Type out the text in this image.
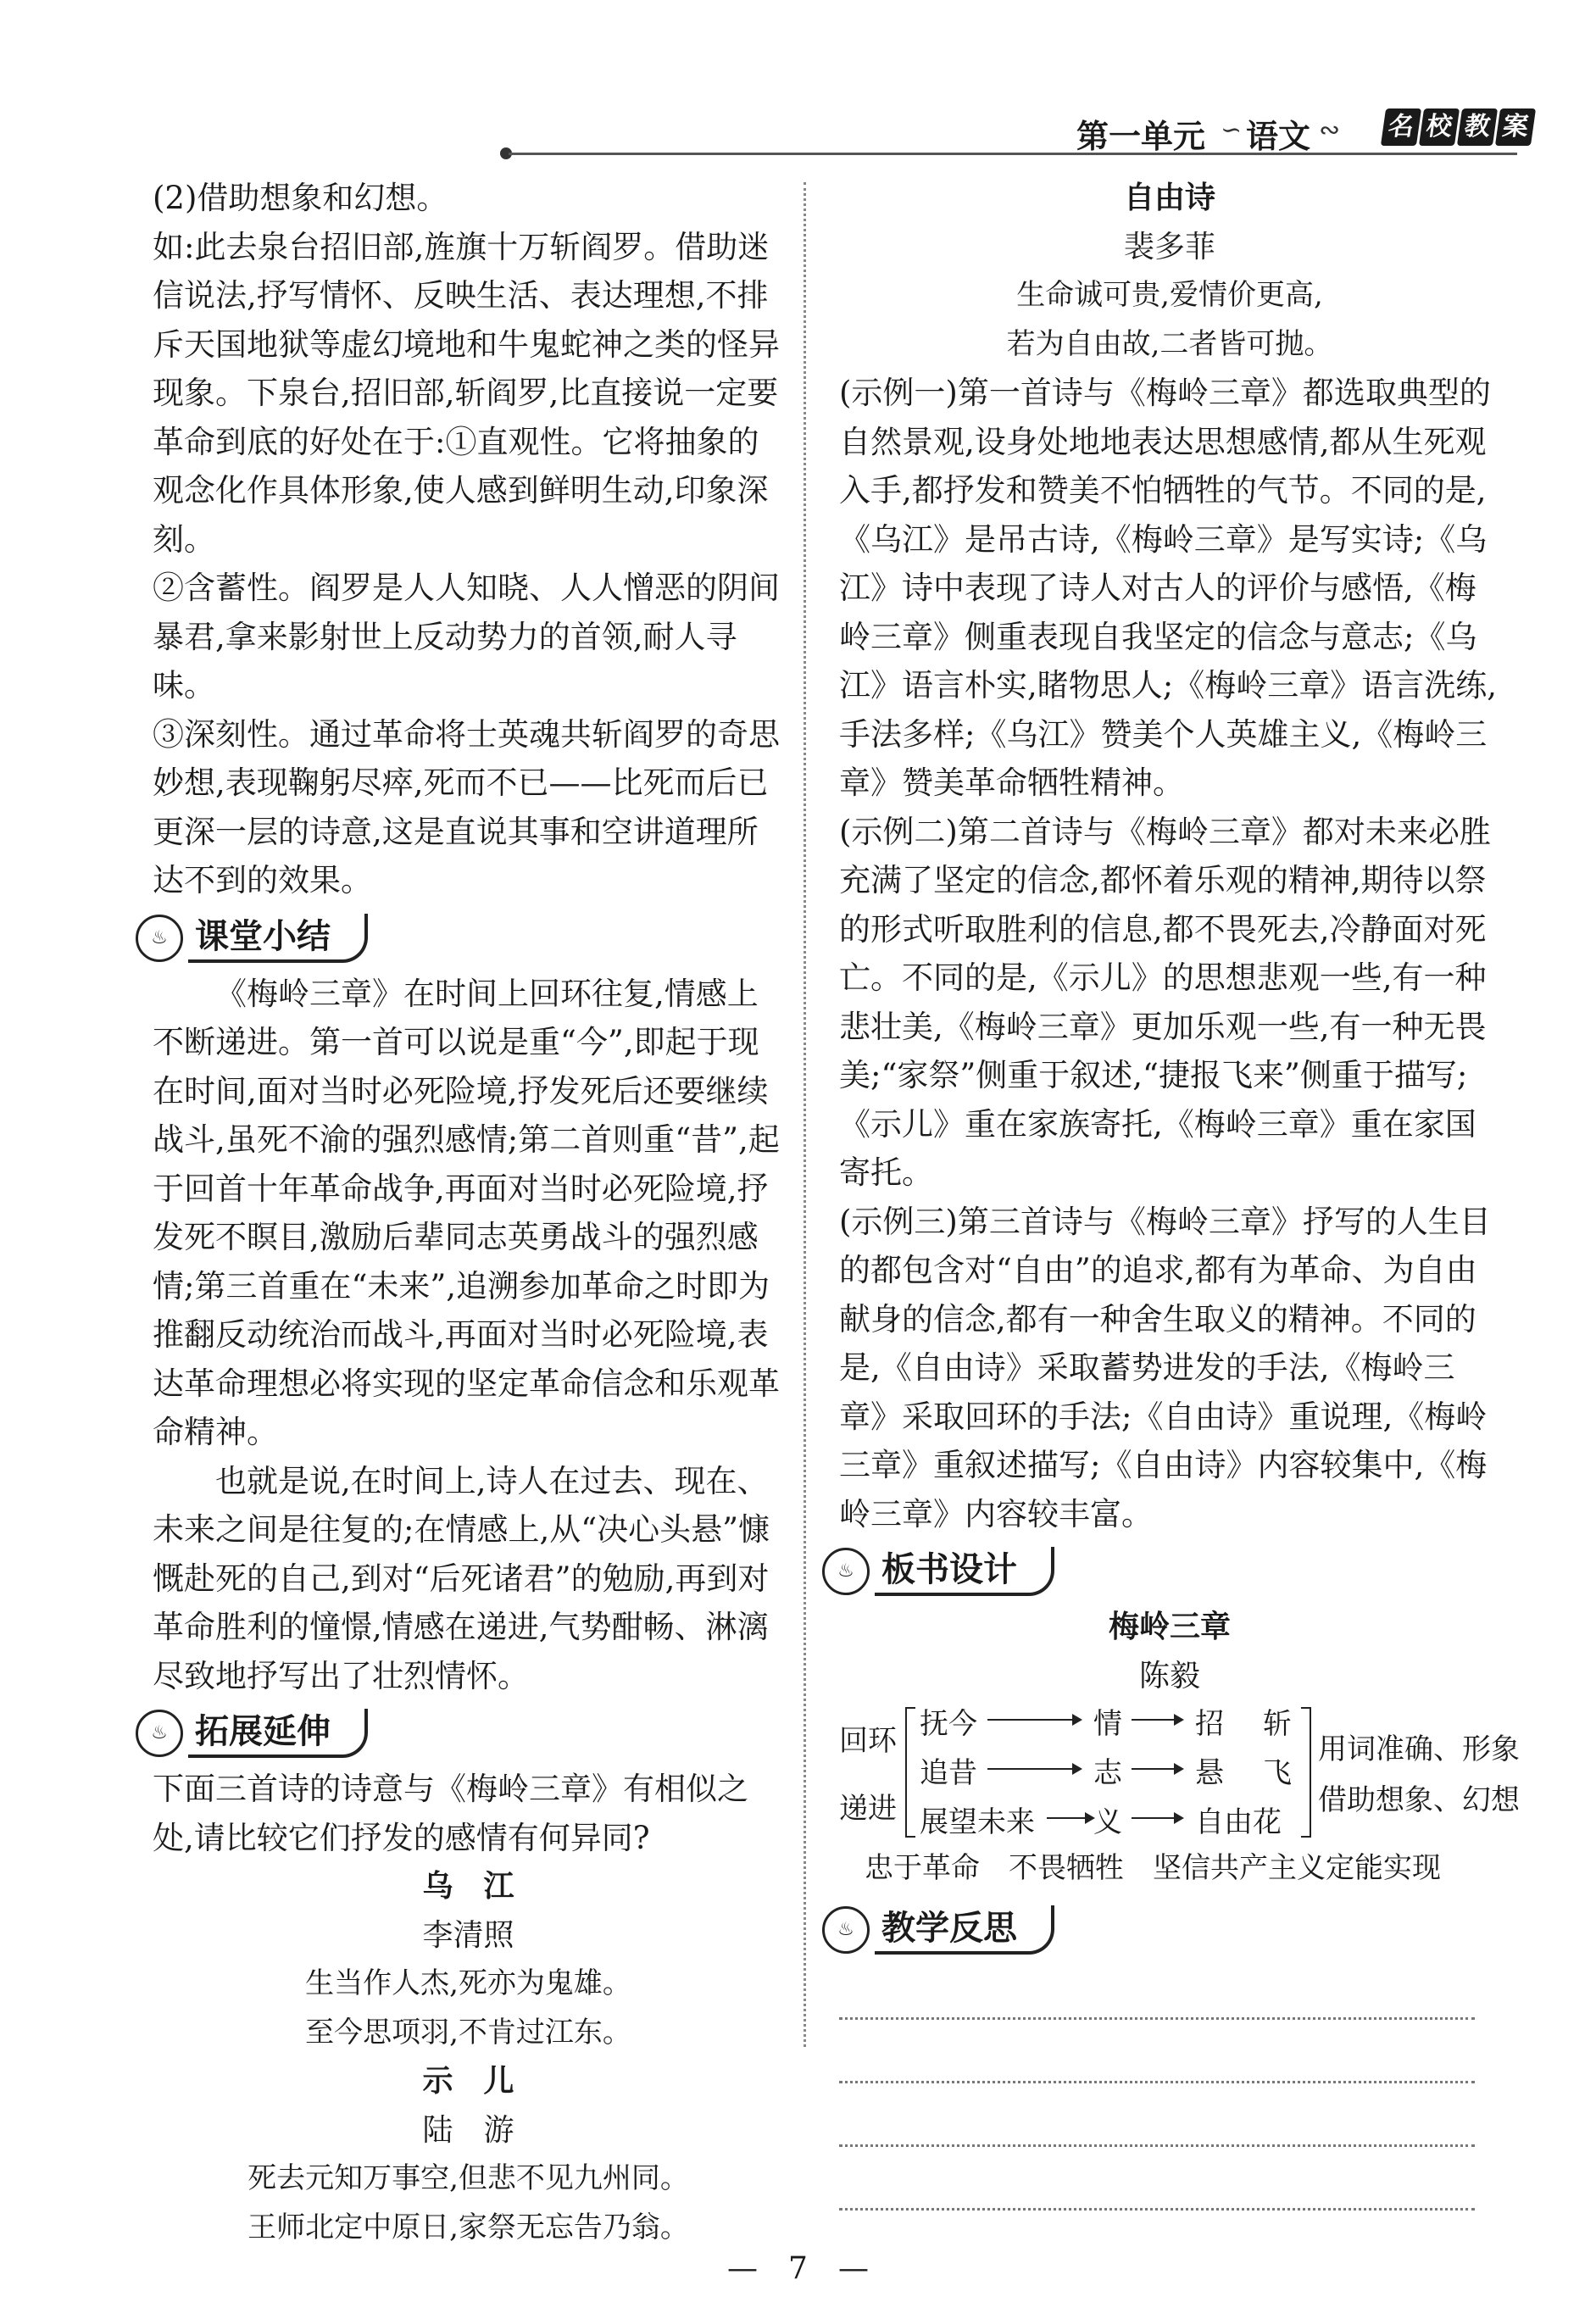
第一单元 ∽ 语文 ∾ 名 校 教 案

(2)借助想象和幻想。

如:此去泉台招旧部,旌旗十万斩阎罗。借助迷信说法,抒写情怀、反映生活、表达理想,不排斥天国地狱等虚幻境地和牛鬼蛇神之类的怪异现象。下泉台,招旧部,斩阎罗,比直接说一定要革命到底的好处在于:①直观性。它将抽象的观念化作具体形象,使人感到鲜明生动,印象深刻。

②含蓄性。阎罗是人人知晓、人人憎恶的阴间暴君,拿来影射世上反动势力的首领,耐人寻味。

③深刻性。通过革命将士英魂共斩阎罗的奇思妙想,表现鞠躬尽瘁,死而不已——比死而后已更深一层的诗意,这是直说其事和空讲道理所达不到的效果。

♨ 课堂小结

《梅岭三章》在时间上回环往复,情感上不断递进。第一首可以说是重“今”,即起于现在时间,面对当时必死险境,抒发死后还要继续战斗,虽死不渝的强烈感情;第二首则重“昔”,起于回首十年革命战争,再面对当时必死险境,抒发死不瞑目,激励后辈同志英勇战斗的强烈感情;第三首重在“未来”,追溯参加革命之时即为推翻反动统治而战斗,再面对当时必死险境,表达革命理想必将实现的坚定革命信念和乐观革命精神。

也就是说,在时间上,诗人在过去、现在、未来之间是往复的;在情感上,从“决心头悬”慷慨赴死的自己,到对“后死诸君”的勉励,再到对革命胜利的憧憬,情感在递进,气势酣畅、淋漓尽致地抒写出了壮烈情怀。

♨ 拓展延伸

下面三首诗的诗意与《梅岭三章》有相似之处,请比较它们抒发的感情有何异同?

乌　江
李清照
生当作人杰,死亦为鬼雄。
至今思项羽,不肯过江东。
示　儿
陆　游
死去元知万事空,但悲不见九州同。
王师北定中原日,家祭无忘告乃翁。
自由诗
裴多菲
生命诚可贵,爱情价更高,
若为自由故,二者皆可抛。

(示例一)第一首诗与《梅岭三章》都选取典型的自然景观,设身处地地表达思想感情,都从生死观入手,都抒发和赞美不怕牺牲的气节。不同的是,《乌江》是吊古诗,《梅岭三章》是写实诗;《乌江》诗中表现了诗人对古人的评价与感悟,《梅岭三章》侧重表现自我坚定的信念与意志;《乌江》语言朴实,睹物思人;《梅岭三章》语言洗练,手法多样;《乌江》赞美个人英雄主义,《梅岭三章》赞美革命牺牲精神。

(示例二)第二首诗与《梅岭三章》都对未来必胜充满了坚定的信念,都怀着乐观的精神,期待以祭的形式听取胜利的信息,都不畏死去,冷静面对死亡。不同的是,《示儿》的思想悲观一些,有一种悲壮美,《梅岭三章》更加乐观一些,有一种无畏美;“家祭”侧重于叙述,“捷报飞来”侧重于描写;《示儿》重在家族寄托,《梅岭三章》重在家国寄托。

(示例三)第三首诗与《梅岭三章》抒写的人生目的都包含对“自由”的追求,都有为革命、为自由献身的信念,都有一种舍生取义的精神。不同的是,《自由诗》采取蓄势进发的手法,《梅岭三章》采取回环的手法;《自由诗》重说理,《梅岭三章》重叙述描写;《自由诗》内容较集中,《梅岭三章》内容较丰富。

♨ 板书设计
梅岭三章
陈毅
回环
递进
抚今	情	招 斩
追昔	志	悬 飞
展望未来 义	自由花
用词准确、形象
借助想象、幻想
忠于革命　不畏牺牲　坚信共产主义定能实现
♨ 教学反思
—　7　—
